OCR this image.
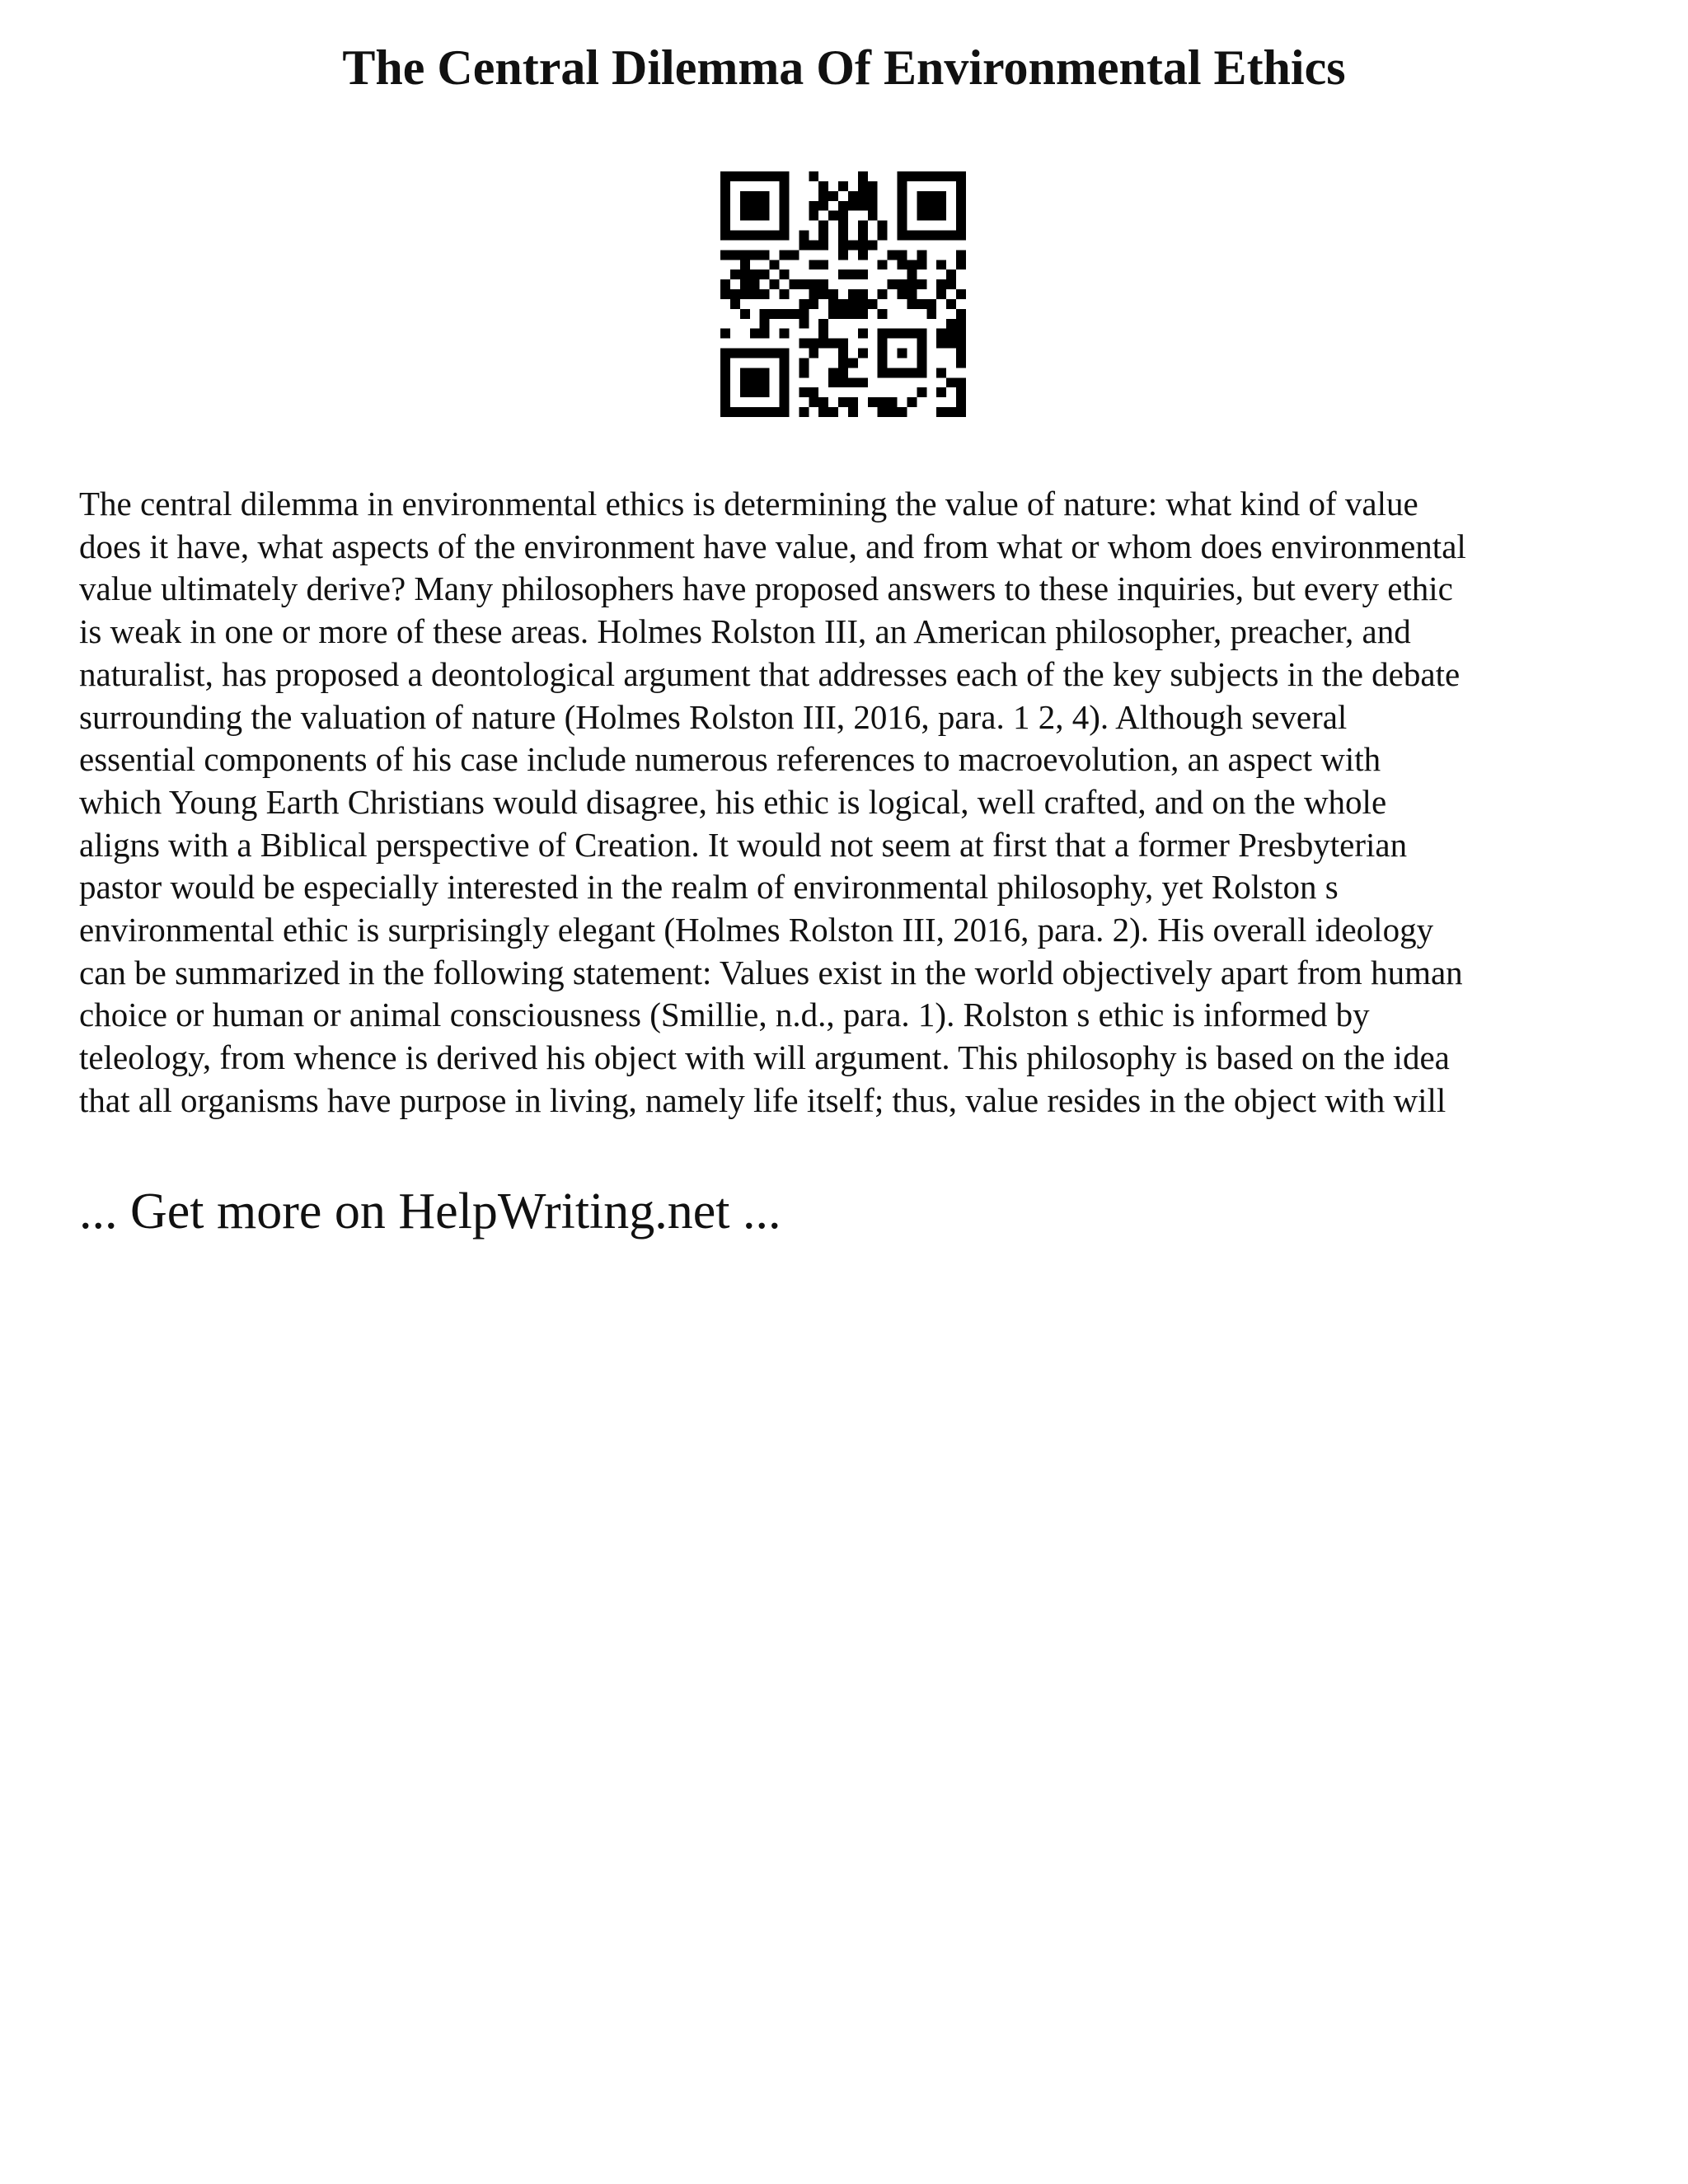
The Central Dilemma Of Environmental Ethics
The central dilemma in environmental ethics is determining the value of nature: what kind of value
does it have, what aspects of the environment have value, and from what or whom does environmental
value ultimately derive? Many philosophers have proposed answers to these inquiries, but every ethic
is weak in one or more of these areas. Holmes Rolston III, an American philosopher, preacher, and
naturalist, has proposed a deontological argument that addresses each of the key subjects in the debate
surrounding the valuation of nature (Holmes Rolston III, 2016, para. 1 2, 4). Although several
essential components of his case include numerous references to macroevolution, an aspect with
which Young Earth Christians would disagree, his ethic is logical, well crafted, and on the whole
aligns with a Biblical perspective of Creation. It would not seem at first that a former Presbyterian
pastor would be especially interested in the realm of environmental philosophy, yet Rolston s
environmental ethic is surprisingly elegant (Holmes Rolston III, 2016, para. 2). His overall ideology
can be summarized in the following statement: Values exist in the world objectively apart from human
choice or human or animal consciousness (Smillie, n.d., para. 1). Rolston s ethic is informed by
teleology, from whence is derived his object with will argument. This philosophy is based on the idea
that all organisms have purpose in living, namely life itself; thus, value resides in the object with will
... Get more on HelpWriting.net ...
